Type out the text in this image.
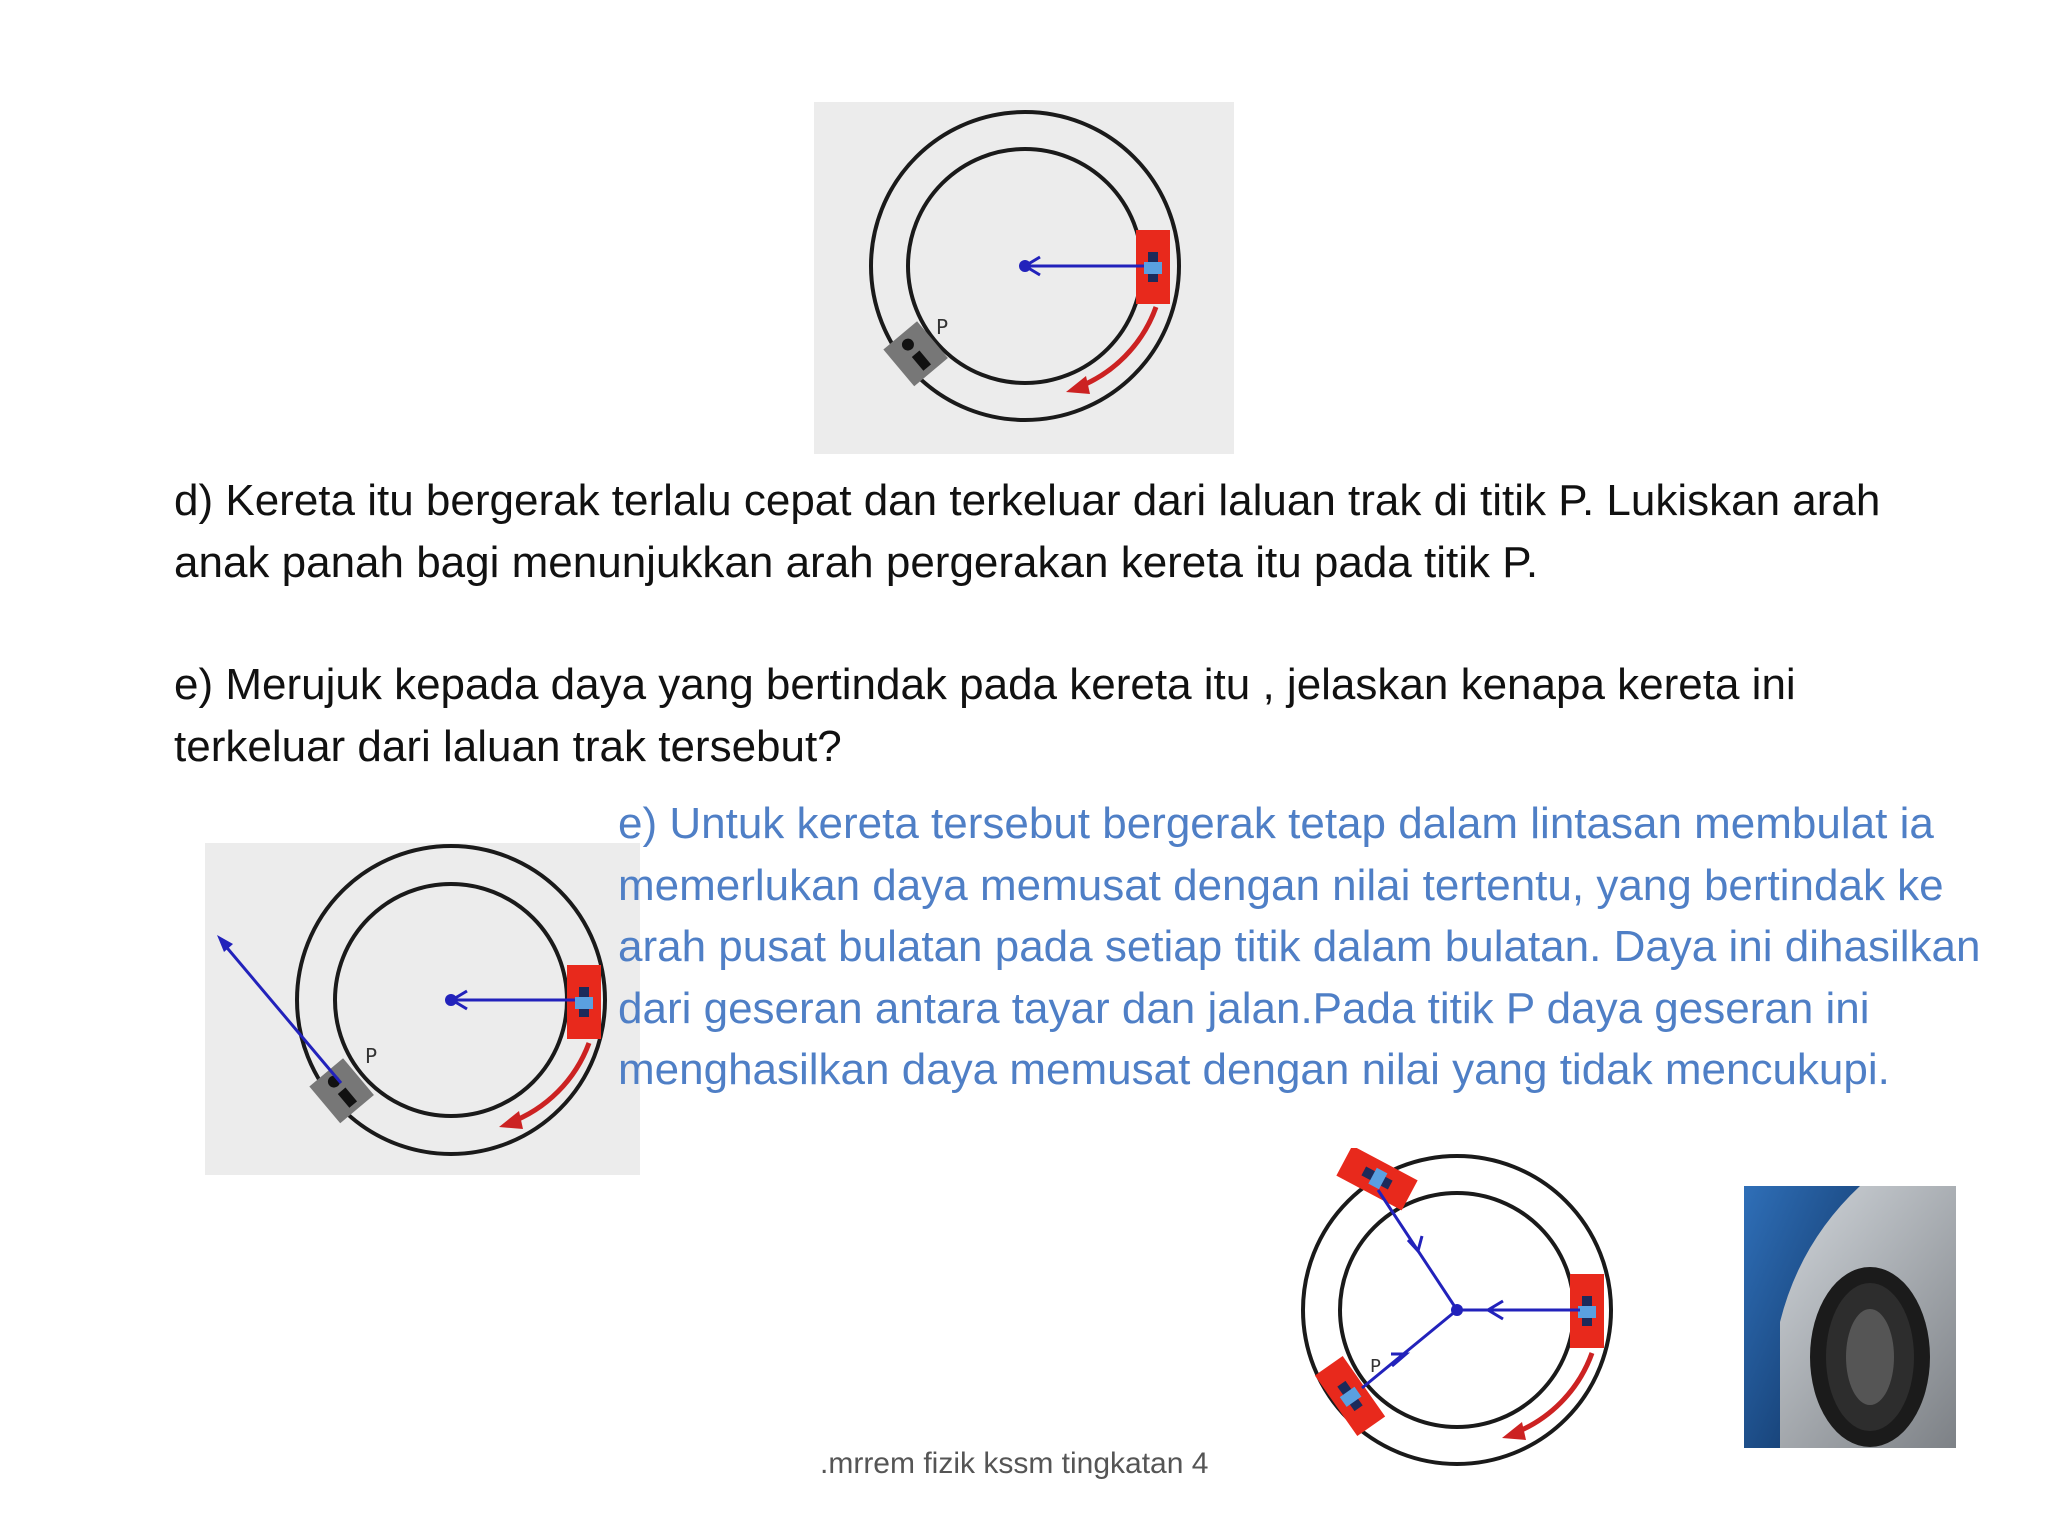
P

d) Kereta itu bergerak terlalu cepat dan terkeluar dari laluan trak di titik P. Lukiskan arah anak panah bagi menunjukkan arah pergerakan kereta itu pada titik P.

e) Merujuk kepada daya yang bertindak pada kereta itu , jelaskan kenapa kereta ini terkeluar dari laluan trak tersebut?

P

e) Untuk kereta tersebut bergerak tetap dalam lintasan membulat ia memerlukan daya memusat dengan nilai tertentu, yang bertindak ke arah pusat bulatan pada setiap titik dalam bulatan. Daya ini dihasilkan dari geseran antara tayar dan jalan.Pada titik P daya geseran ini menghasilkan daya memusat dengan nilai yang tidak mencukupi.

P

.mrrem fizik kssm tingkatan 4
